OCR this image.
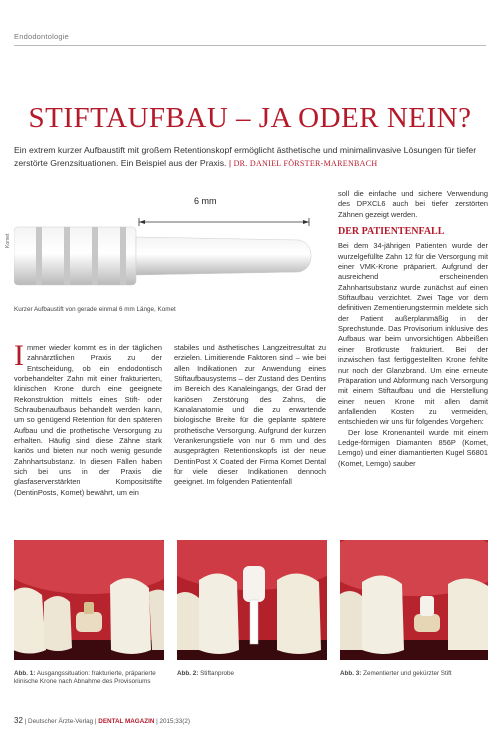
Endodontologie
STIFTAUFBAU – JA ODER NEIN?
Ein extrem kurzer Aufbaustift mit großem Retentionskopf ermöglicht ästhetische und minimalinvasive Lösungen für tiefer zerstörte Grenzsituationen. Ein Beispiel aus der Praxis. | DR. DANIEL FÖRSTER-MARENBACH
6 mm
Komet
Kurzer Aufbaustift von gerade einmal 6 mm Länge, Komet
Immer wieder kommt es in der täglichen zahnärztlichen Praxis zu der Entscheidung, ob ein endodontisch vorbehandelter Zahn mit einer frakturierten, klinischen Krone durch eine geeignete Rekonstruktion mittels eines Stift- oder Schraubenaufbaus behandelt werden kann, um so genügend Retention für den späteren Aufbau und die prothetische Versorgung zu erhalten. Häufig sind diese Zähne stark kariös und bieten nur noch wenig gesunde Zahnhartsubstanz. In diesen Fällen haben sich bei uns in der Praxis die glasfaserverstärkten Kompositstifte (DentinPosts, Komet) bewährt, um ein
stabiles und ästhetisches Langzeitresultat zu erzielen. Limitierende Faktoren sind – wie bei allen Indikationen zur Anwendung eines Stiftaufbausystems – der Zustand des Dentins im Bereich des Kanaleingangs, der Grad der kariösen Zerstörung des Zahns, die Kanalanatomie und die zu erwartende biologische Breite für die geplante spätere prothetische Versorgung. Aufgrund der kurzen Verankerungstiefe von nur 6 mm und des ausgeprägten Retentionskopfs ist der neue DentinPost X Coated der Firma Komet Dental für viele dieser Indikationen dennoch geeignet. Im folgenden Patientenfall

soll die einfache und sichere Verwendung des DPXCL6 auch bei tiefer zerstörten Zähnen gezeigt werden.

DER PATIENTENFALL

Bei dem 34-jährigen Patienten wurde der wurzelgefüllte Zahn 12 für die Versorgung mit einer VMK-Krone präpariert. Aufgrund der ausreichend erscheinenden Zahnhartsubstanz wurde zunächst auf einen Stiftaufbau verzichtet. Zwei Tage vor dem definitiven Zementierungstermin meldete sich der Patient außerplanmäßig in der Sprechstunde. Das Provisorium inklusive des Aufbaus war beim unvorsichtigen Abbeißen einer Brotkruste frakturiert. Bei der inzwischen fast fertiggestellten Krone fehlte nur noch der Glanzbrand. Um eine erneute Präparation und Abformung nach Versorgung mit einem Stiftaufbau und die Herstellung einer neuen Krone mit allen damit anfallenden Kosten zu vermeiden, entschieden wir uns für folgendes Vorgehen:

Der lose Kronenanteil wurde mit einem Ledge-förmigen Diamanten 856P (Komet, Lemgo) und einer diamantierten Kugel S6801 (Komet, Lemgo) sauber

Abb. 1: Ausgangssituation: frakturierte, präparierte klinische Krone nach Abnahme des Provisoriums
Abb. 2: Stiftanprobe	Abb. 3: Zementierter und gekürzter Stift
32 | Deutscher Ärzte-Verlag | DENTAL MAGAZIN | 2015;33(2)
